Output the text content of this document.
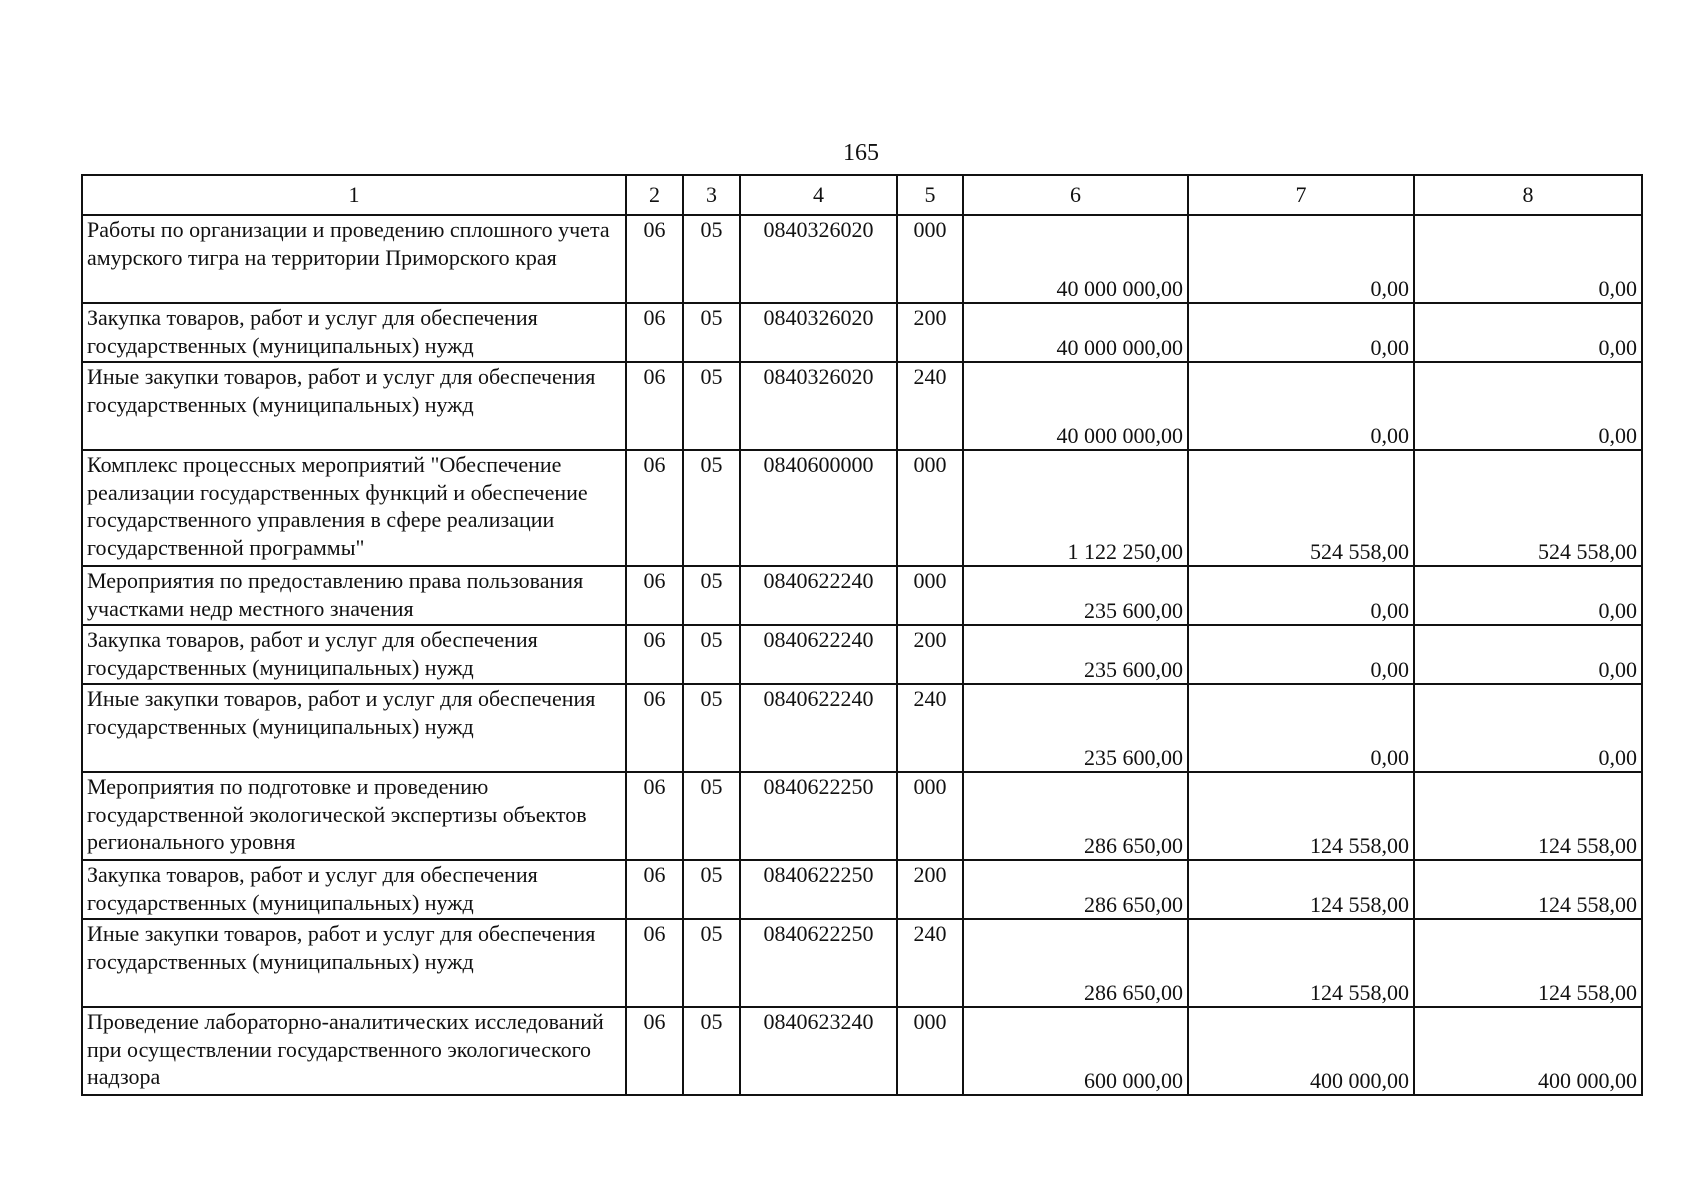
165
1	2	3	4	5	6	7	8
Работы по организации и проведению сплошного учета амурского тигра на территории Приморского края	06	05	0840326020	000	40 000 000,00	0,00	0,00
Закупка товаров, работ и услуг для обеспечения государственных (муниципальных) нужд	06	05	0840326020	200	40 000 000,00	0,00	0,00
Иные закупки товаров, работ и услуг для обеспечения государственных (муниципальных) нужд	06	05	0840326020	240	40 000 000,00	0,00	0,00
Комплекс процессных мероприятий "Обеспечение реализации государственных функций и обеспечение государственного управления в сфере реализации государственной программы"	06	05	0840600000	000	1 122 250,00	524 558,00	524 558,00
Мероприятия по предоставлению права пользования участками недр местного значения	06	05	0840622240	000	235 600,00	0,00	0,00
Закупка товаров, работ и услуг для обеспечения государственных (муниципальных) нужд	06	05	0840622240	200	235 600,00	0,00	0,00
Иные закупки товаров, работ и услуг для обеспечения государственных (муниципальных) нужд	06	05	0840622240	240	235 600,00	0,00	0,00
Мероприятия по подготовке и проведению государственной экологической экспертизы объектов регионального уровня	06	05	0840622250	000	286 650,00	124 558,00	124 558,00
Закупка товаров, работ и услуг для обеспечения государственных (муниципальных) нужд	06	05	0840622250	200	286 650,00	124 558,00	124 558,00
Иные закупки товаров, работ и услуг для обеспечения государственных (муниципальных) нужд	06	05	0840622250	240	286 650,00	124 558,00	124 558,00
Проведение лабораторно-аналитических исследований при осуществлении государственного экологического надзора	06	05	0840623240	000	600 000,00	400 000,00	400 000,00
